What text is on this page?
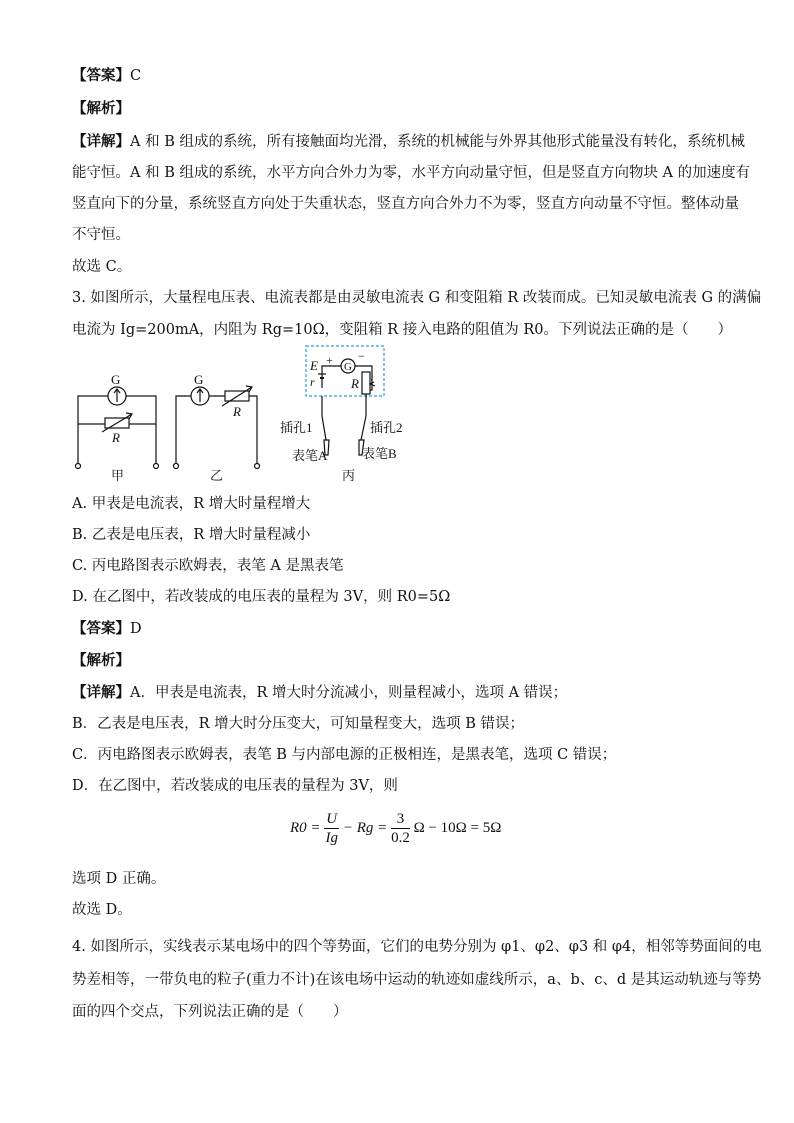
【答案】C
【解析】
【详解】A 和 B 组成的系统，所有接触面均光滑，系统的机械能与外界其他形式能量没有转化，系统机械
能守恒。A 和 B 组成的系统，水平方向合外力为零，水平方向动量守恒，但是竖直方向物块 A 的加速度有
竖直向下的分量，系统竖直方向处于失重状态，竖直方向合外力不为零，竖直方向动量不守恒。整体动量
不守恒。
故选 C。
3. 如图所示，大量程电压表、电流表都是由灵敏电流表 G 和变阻箱 R 改装而成。已知灵敏电流表 G 的满偏
电流为 Ig=200mA，内阻为 Rg=10Ω，变阻箱 R 接入电路的阻值为 R0。下列说法正确的是（　　）
G
R
甲
G
R
乙
E
r
+ −
G
R
插孔1	插孔2
表笔A	表笔B
丙
A. 甲表是电流表，R 增大时量程增大
B. 乙表是电压表，R 增大时量程减小
C. 丙电路图表示欧姆表，表笔 A 是黑表笔
D. 在乙图中，若改装成的电压表的量程为 3V，则 R0=5Ω
【答案】D
【解析】
【详解】A．甲表是电流表，R 增大时分流减小，则量程减小，选项 A 错误；
B．乙表是电压表，R 增大时分压变大，可知量程变大，选项 B 错误；
C．丙电路图表示欧姆表，表笔 B 与内部电源的正极相连，是黑表笔，选项 C 错误；
D．在乙图中，若改装成的电压表的量程为 3V，则
$R0 = \frac{U}{Ig} - Rg = \frac{3}{0.2}$ Ω − 10Ω = 5Ω
选项 D 正确。
故选 D。
4. 如图所示，实线表示某电场中的四个等势面，它们的电势分别为 φ1、φ2、φ3 和 φ4，相邻等势面间的电
势差相等，一带负电的粒子(重力不计)在该电场中运动的轨迹如虚线所示，a、b、c、d 是其运动轨迹与等势
面的四个交点，下列说法正确的是（　　）
